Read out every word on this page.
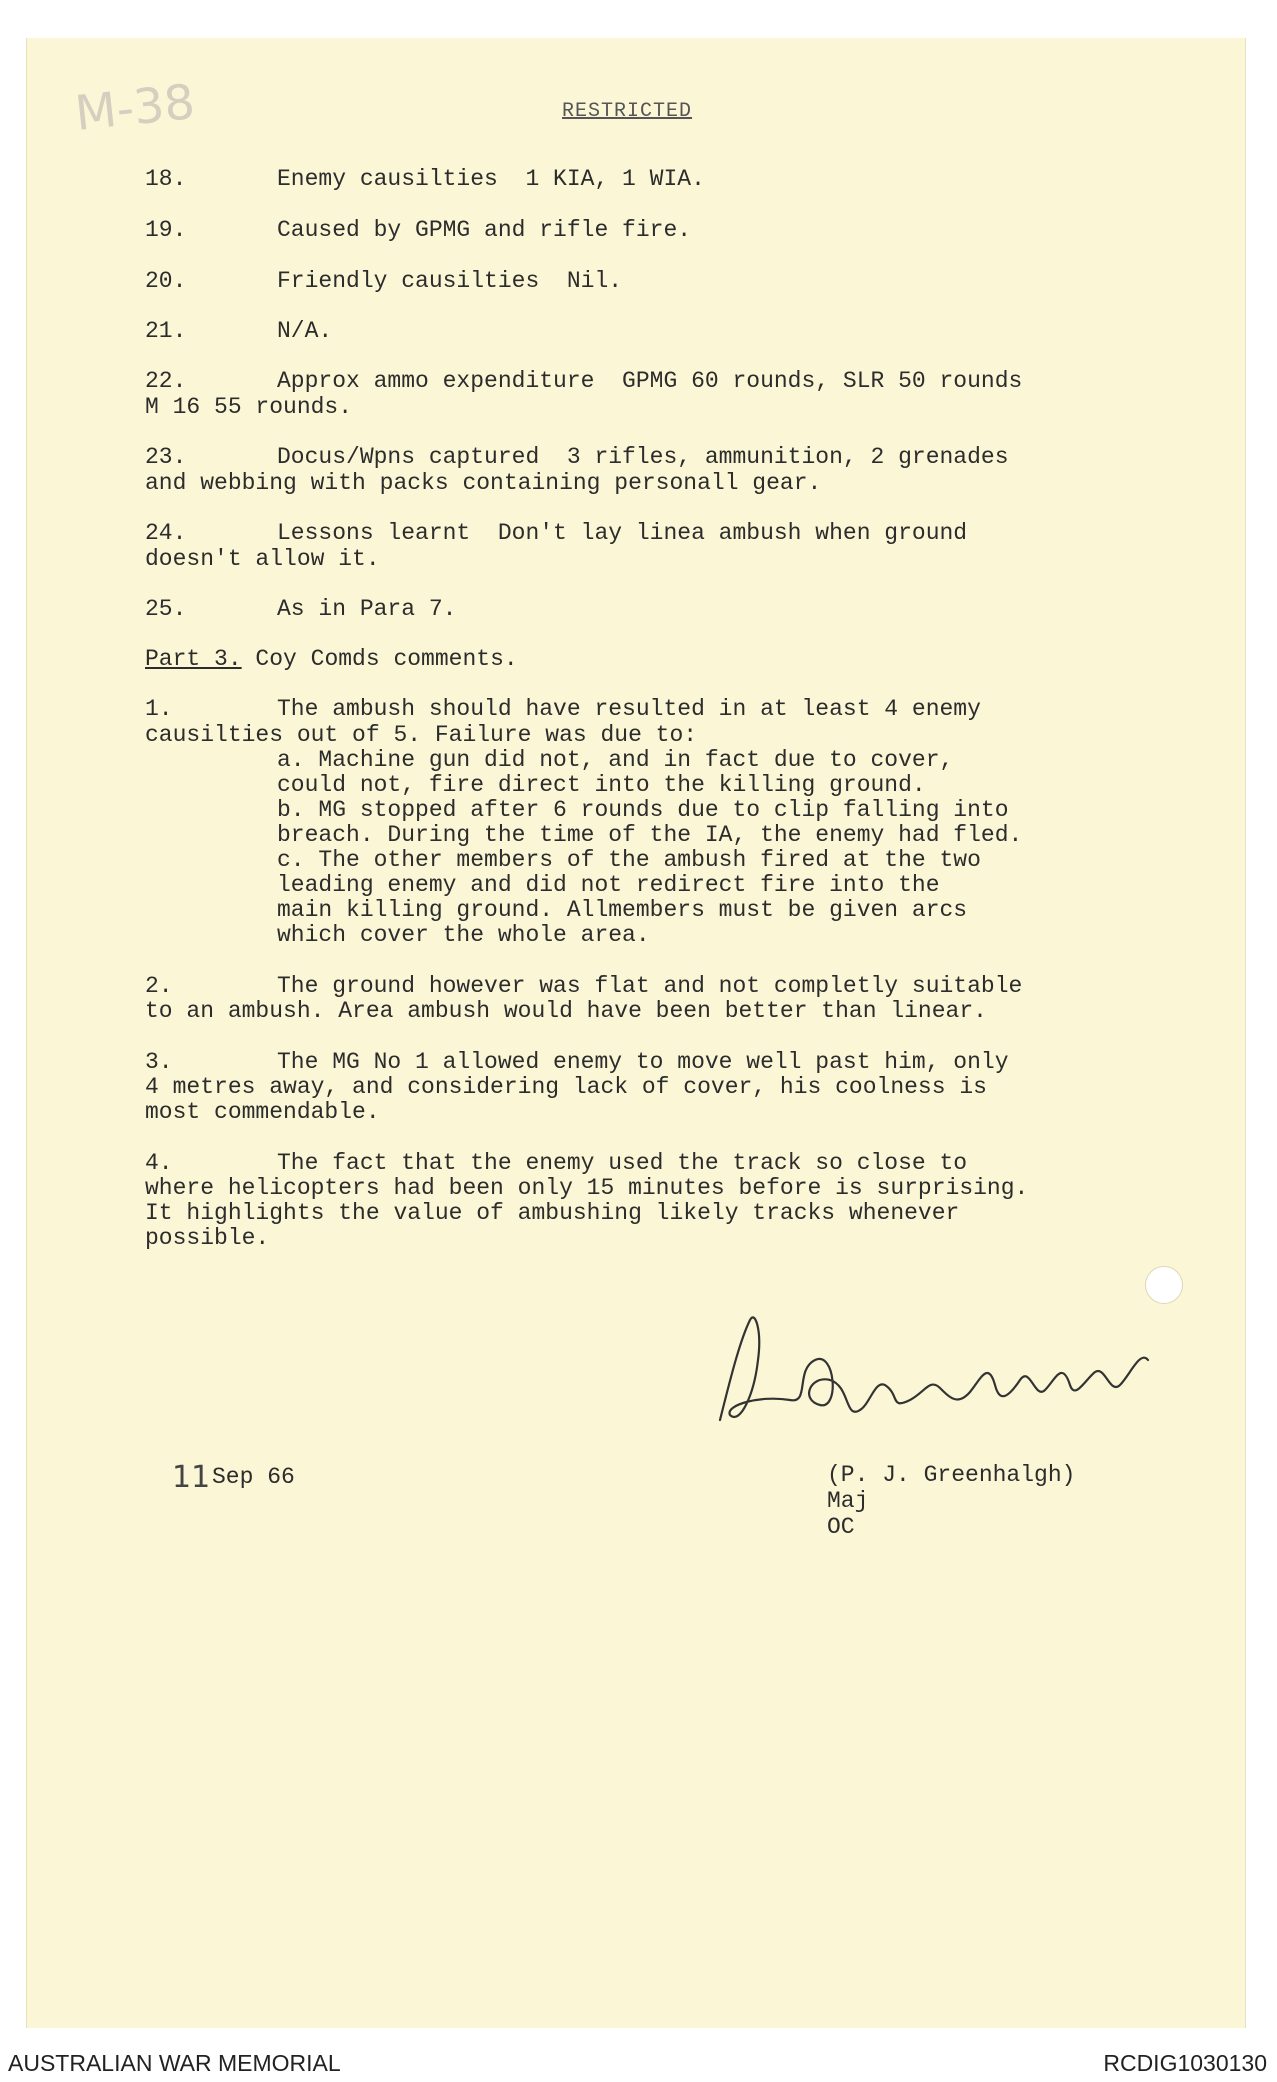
M-38	RESTRICTED
18.	Enemy causilties  1 KIA, 1 WIA.
19.	Caused by GPMG and rifle fire.
20.	Friendly causilties  Nil.
21.	N/A.
22.	Approx ammo expenditure  GPMG 60 rounds, SLR 50 rounds
M 16 55 rounds.
23.	Docus/Wpns captured  3 rifles, ammunition, 2 grenades
and webbing with packs containing personall gear.
24.	Lessons learnt  Don't lay linea ambush when ground
doesn't allow it.
25.	As in Para 7.
Part 3. Coy Comds comments.
1.	The ambush should have resulted in at least 4 enemy
causilties out of 5. Failure was due to:
a. Machine gun did not, and in fact due to cover,
could not, fire direct into the killing ground.
b. MG stopped after 6 rounds due to clip falling into
breach. During the time of the IA, the enemy had fled.
c. The other members of the ambush fired at the two
leading enemy and did not redirect fire into the
main killing ground. Allmembers must be given arcs
which cover the whole area.
2.	The ground however was flat and not completly suitable
to an ambush. Area ambush would have been better than linear.
3.	The MG No 1 allowed enemy to move well past him, only
4 metres away, and considering lack of cover, his coolness is
most commendable.
4.	The fact that the enemy used the track so close to
where helicopters had been only 15 minutes before is surprising.
It highlights the value of ambushing likely tracks whenever
possible.
11 Sep 66	(P. J. Greenhalgh)
Maj
OC
AUSTRALIAN WAR MEMORIAL	RCDIG1030130
